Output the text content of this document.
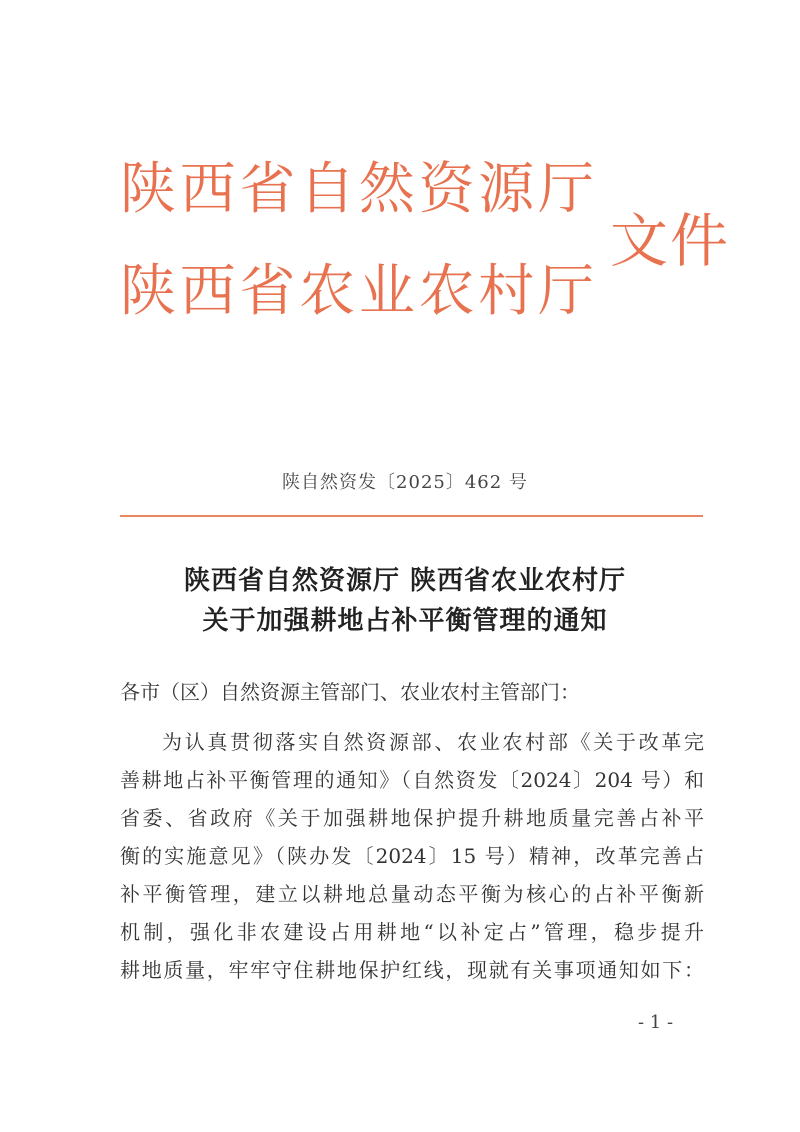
陕西省自然资源厅
陕西省农业农村厅
文件
陕自然资发〔2025〕462 号
陕西省自然资源厅 陕西省农业农村厅
关于加强耕地占补平衡管理的通知
各市（区）自然资源主管部门、农业农村主管部门：
为认真贯彻落实自然资源部、农业农村部《关于改革完
善耕地占补平衡管理的通知》（自然资发〔2024〕204 号）和
省委、省政府《关于加强耕地保护提升耕地质量完善占补平
衡的实施意见》（陕办发〔2024〕15 号）精神，改革完善占
补平衡管理，建立以耕地总量动态平衡为核心的占补平衡新
机制，强化非农建设占用耕地“以补定占”管理，稳步提升
耕地质量，牢牢守住耕地保护红线，现就有关事项通知如下：
- 1 -
